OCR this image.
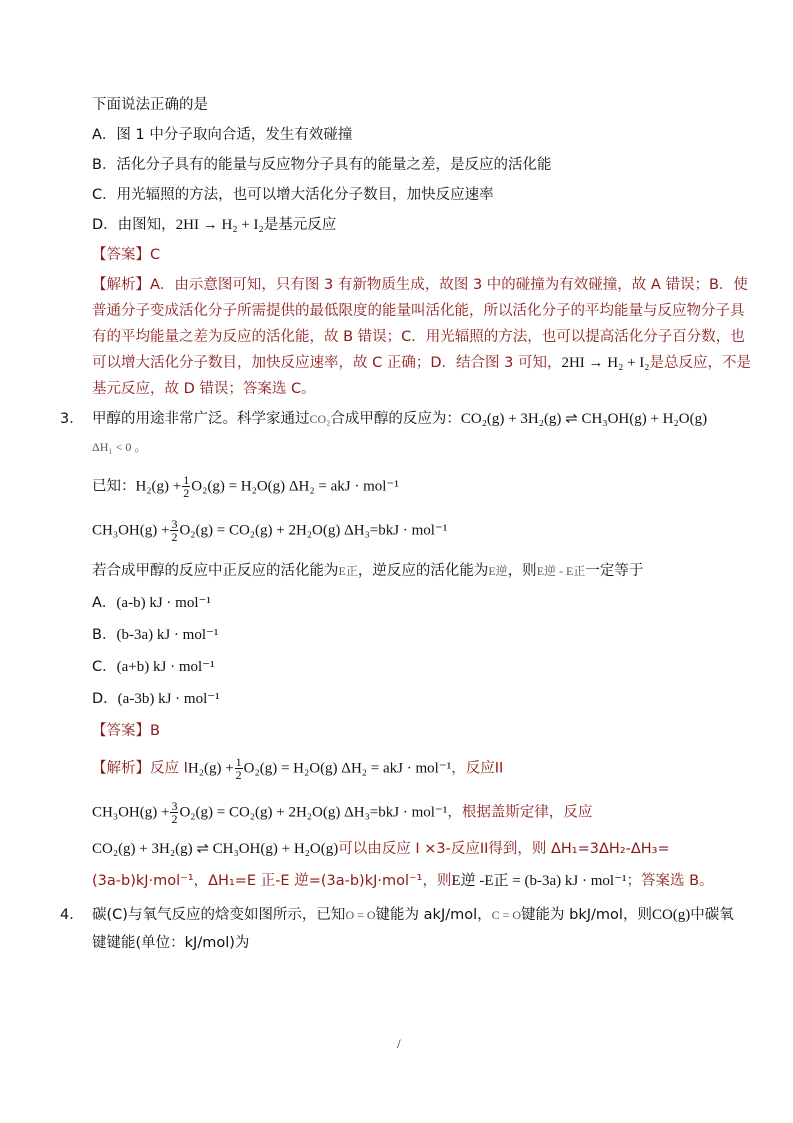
下面说法正确的是
A．图 1 中分子取向合适，发生有效碰撞
B．活化分子具有的能量与反应物分子具有的能量之差，是反应的活化能
C．用光辐照的方法，也可以增大活化分子数目，加快反应速率
D．由图知，2HI → H₂ + I₂是基元反应
【答案】C
【解析】A．由示意图可知，只有图 3 有新物质生成，故图 3 中的碰撞为有效碰撞，故 A 错误；B．使
普通分子变成活化分子所需提供的最低限度的能量叫活化能，所以活化分子的平均能量与反应物分子具
有的平均能量之差为反应的活化能，故 B 错误；C．用光辐照的方法，也可以提高活化分子百分数，也
可以增大活化分子数目，加快反应速率，故 C 正确；D．结合图 3 可知，2HI → H₂ + I₂是总反应，不是
基元反应，故 D 错误；答案选 C。
3． 甲醇的用途非常广泛。科学家通过CO₂合成甲醇的反应为：CO₂(g) + 3H₂(g) ⇌ CH₃OH(g) + H₂O(g)
ΔH₁ < 0 。
已知：$H_2(g) + \frac{1}{2} O_2(g) = H_2O(g) \Delta H_2$ = akJ · mol⁻¹
$CH_3OH(g) + \frac{3}{2} O_2(g) = CO_2(g) + 2H_2O(g) \Delta H_3=bkJ \cdot mol^{-1}$
若合成甲醇的反应中正反应的活化能为E正，逆反应的活化能为E逆，则E逆 - E正一定等于
A．(a-b) kJ · mol⁻¹
B．(b-3a) kJ · mol⁻¹
C．(a+b) kJ · mol⁻¹
D．(a-3b) kJ · mol⁻¹
【答案】B
【解析】反应 $IH_2(g) + \frac{1}{2} O_2(g) = H_2O(g) \Delta H_2$ = akJ · mol⁻¹，反应II
$CH_3OH(g) + \frac{3}{2} O_2(g) = CO_2(g) + 2H_2O(g) \Delta H_3=bkJ \cdot mol^{-1}$，根据盖斯定律，反应
CO₂(g) + 3H₂(g) ⇌ CH₃OH(g) + H₂O(g)可以由反应 I ×3-反应II得到，则 ΔH₁=3ΔH₂-ΔH₃=
(3a-b)kJ·mol⁻¹，ΔH₁=E 正-E 逆=(3a-b)kJ·mol⁻¹，则E逆 -E正 = (b-3a) kJ · mol⁻¹；答案选 B。
4． 碳(C)与氧气反应的焓变如图所示，已知O = O键能为 akJ/mol，C = O键能为 bkJ/mol，则CO(g)中碳氧
键键能(单位：kJ/mol)为
/
